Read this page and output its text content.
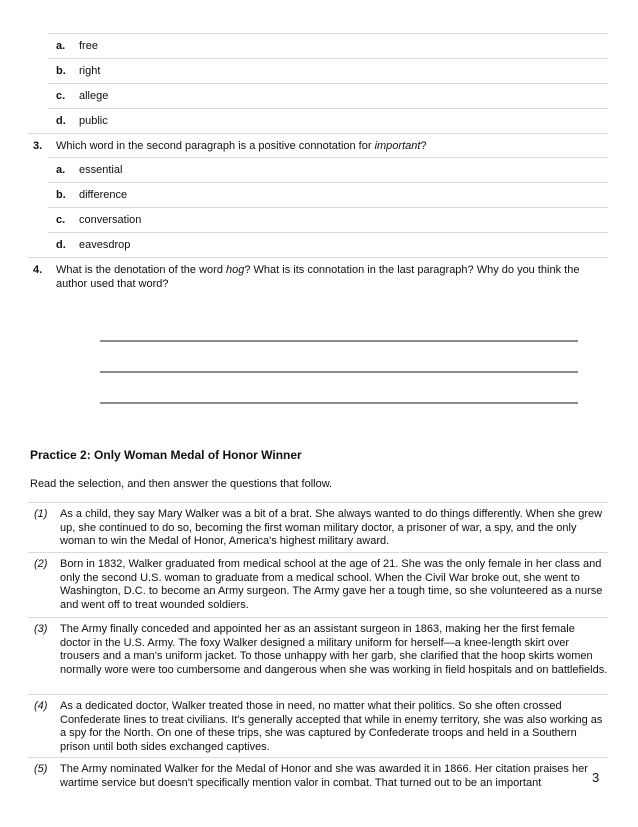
a. free
b. right
c. allege
d. public
3. Which word in the second paragraph is a positive connotation for important?
a. essential
b. difference
c. conversation
d. eavesdrop
4. What is the denotation of the word hog? What is its connotation in the last paragraph? Why do you think the author used that word?
Practice 2: Only Woman Medal of Honor Winner
Read the selection, and then answer the questions that follow.
(1) As a child, they say Mary Walker was a bit of a brat. She always wanted to do things differently. When she grew up, she continued to do so, becoming the first woman military doctor, a prisoner of war, a spy, and the only woman to win the Medal of Honor, America's highest military award.
(2) Born in 1832, Walker graduated from medical school at the age of 21. She was the only female in her class and only the second U.S. woman to graduate from a medical school. When the Civil War broke out, she went to Washington, D.C. to become an Army surgeon. The Army gave her a tough time, so she volunteered as a nurse and went off to treat wounded soldiers.
(3) The Army finally conceded and appointed her as an assistant surgeon in 1863, making her the first female doctor in the U.S. Army. The foxy Walker designed a military uniform for herself—a knee-length skirt over trousers and a man's uniform jacket. To those unhappy with her garb, she clarified that the hoop skirts women normally wore were too cumbersome and dangerous when she was working in field hospitals and on battlefields.
(4) As a dedicated doctor, Walker treated those in need, no matter what their politics. So she often crossed Confederate lines to treat civilians. It's generally accepted that while in enemy territory, she was also working as a spy for the North. On one of these trips, she was captured by Confederate troops and held in a Southern prison until both sides exchanged captives.
(5) The Army nominated Walker for the Medal of Honor and she was awarded it in 1866. Her citation praises her wartime service but doesn't specifically mention valor in combat. That turned out to be an important	3
